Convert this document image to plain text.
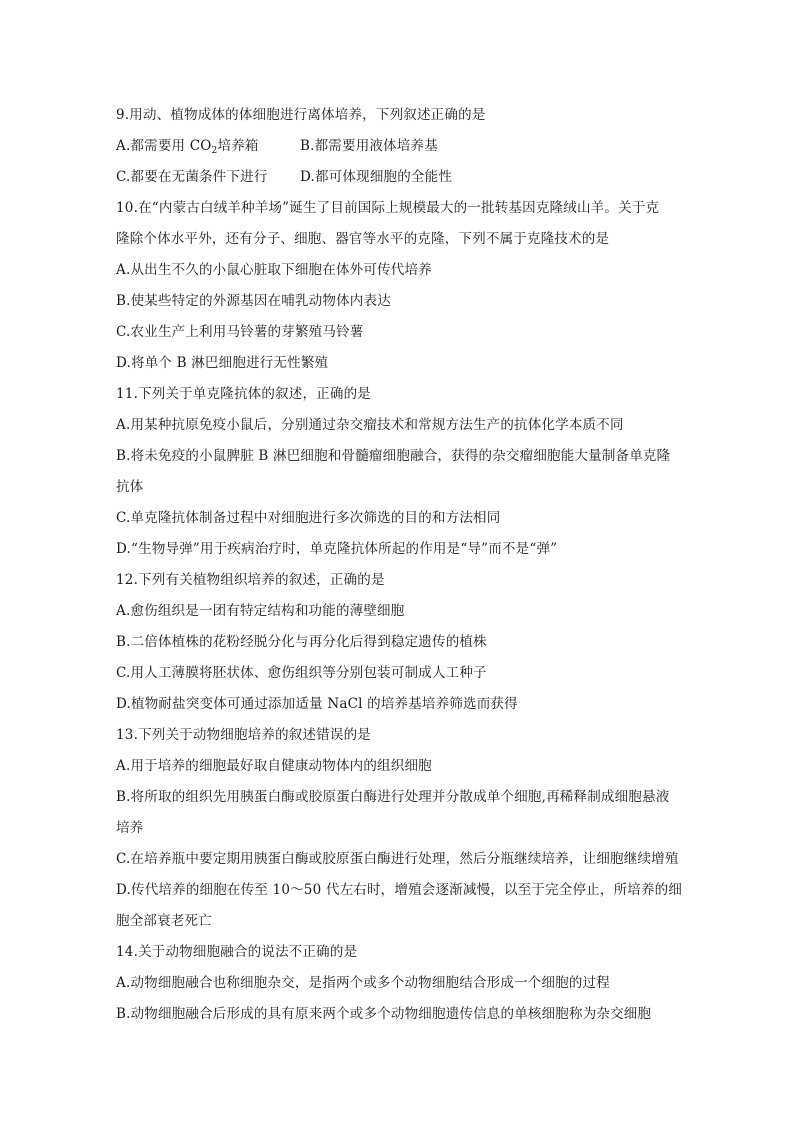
9.用动、植物成体的体细胞进行离体培养，下列叙述正确的是
A.都需要用 CO2培养箱	B.都需要用液体培养基
C.都要在无菌条件下进行 D.都可体现细胞的全能性
10.在“内蒙古白绒羊种羊场”诞生了目前国际上规模最大的一批转基因克隆绒山羊。关于克
隆除个体水平外，还有分子、细胞、器官等水平的克隆，下列不属于克隆技术的是
A.从出生不久的小鼠心脏取下细胞在体外可传代培养
B.使某些特定的外源基因在哺乳动物体内表达
C.农业生产上利用马铃薯的芽繁殖马铃薯
D.将单个 B 淋巴细胞进行无性繁殖
11.下列关于单克隆抗体的叙述，正确的是
A.用某种抗原免疫小鼠后，分别通过杂交瘤技术和常规方法生产的抗体化学本质不同
B.将未免疫的小鼠脾脏 B 淋巴细胞和骨髓瘤细胞融合，获得的杂交瘤细胞能大量制备单克隆
抗体
C.单克隆抗体制备过程中对细胞进行多次筛选的目的和方法相同
D.“生物导弹”用于疾病治疗时，单克隆抗体所起的作用是“导”而不是“弹”
12.下列有关植物组织培养的叙述，正确的是
A.愈伤组织是一团有特定结构和功能的薄壁细胞
B.二倍体植株的花粉经脱分化与再分化后得到稳定遗传的植株
C.用人工薄膜将胚状体、愈伤组织等分别包装可制成人工种子
D.植物耐盐突变体可通过添加适量 NaCl 的培养基培养筛选而获得
13.下列关于动物细胞培养的叙述错误的是
A.用于培养的细胞最好取自健康动物体内的组织细胞
B.将所取的组织先用胰蛋白酶或胶原蛋白酶进行处理并分散成单个细胞,再稀释制成细胞悬液
培养
C.在培养瓶中要定期用胰蛋白酶或胶原蛋白酶进行处理，然后分瓶继续培养，让细胞继续增殖
D.传代培养的细胞在传至 10～50 代左右时，增殖会逐渐减慢，以至于完全停止，所培养的细
胞全部衰老死亡
14.关于动物细胞融合的说法不正确的是
A.动物细胞融合也称细胞杂交，是指两个或多个动物细胞结合形成一个细胞的过程
B.动物细胞融合后形成的具有原来两个或多个动物细胞遗传信息的单核细胞称为杂交细胞
